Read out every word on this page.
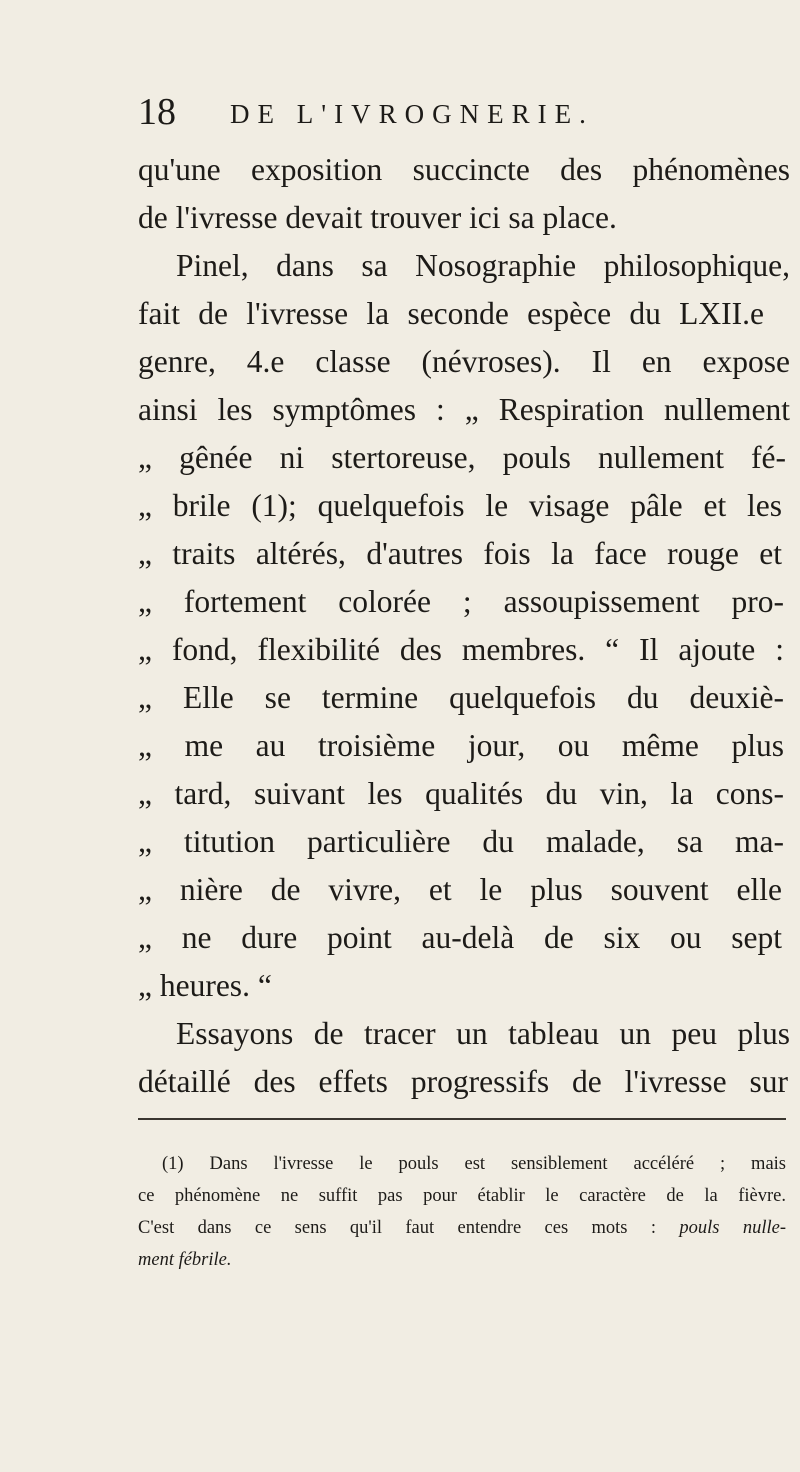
18 DE L'IVROGNERIE.
qu'une exposition succincte des phénomènes
de l'ivresse devait trouver ici sa place.
Pinel, dans sa Nosographie philosophique,
fait de l'ivresse la seconde espèce du LXII.e
genre, 4.e classe (névroses). Il en expose
ainsi les symptômes : „ Respiration nullement
„ gênée ni stertoreuse, pouls nullement fé-
„ brile (1); quelquefois le visage pâle et les
„ traits altérés, d'autres fois la face rouge et
„ fortement colorée ; assoupissement pro-
„ fond, flexibilité des membres. “ Il ajoute :
„ Elle se termine quelquefois du deuxiè-
„ me au troisième jour, ou même plus
„ tard, suivant les qualités du vin, la cons-
„ titution particulière du malade, sa ma-
„ nière de vivre, et le plus souvent elle
„ ne dure point au-delà de six ou sept
„ heures. “
Essayons de tracer un tableau un peu plus
détaillé des effets progressifs de l'ivresse sur
(1) Dans l'ivresse le pouls est sensiblement accéléré ; mais
ce phénomène ne suffit pas pour établir le caractère de la fièvre.
C'est dans ce sens qu'il faut entendre ces mots : pouls nulle-
ment fébrile.
